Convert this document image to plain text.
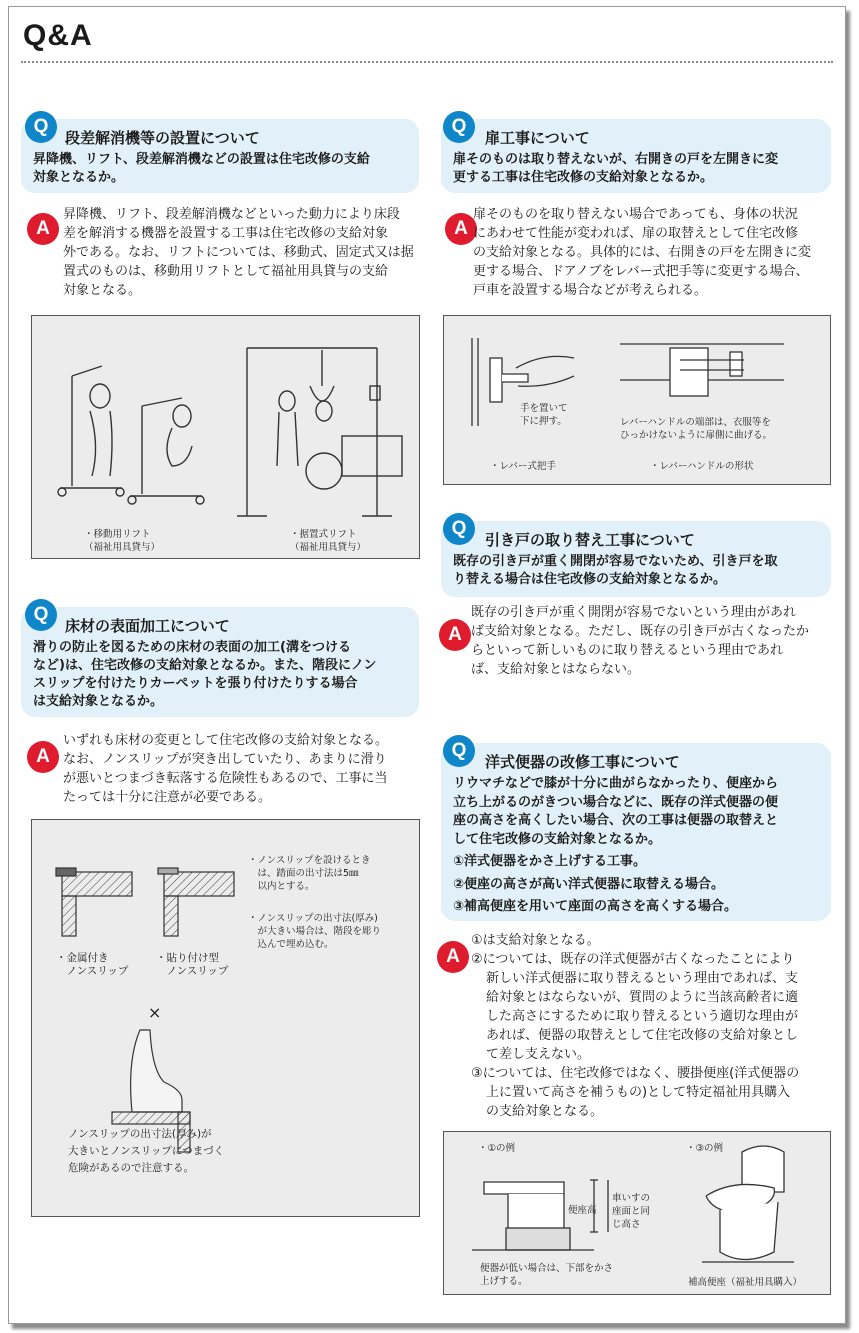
Q&A
段差解消機等の設置について

昇降機、リフト、段差解消機などの設置は住宅改修の支給

対象となるか。

Q
A

昇降機、リフト、段差解消機などといった動力により床段

差を解消する機器を設置する工事は住宅改修の支給対象

外である。なお、リフトについては、移動式、固定式又は据

置式のものは、移動用リフトとして福祉用具貸与の支給

対象となる。

・移動用リフト
（福祉用具貸与）
・据置式リフト
（福祉用具貸与）
床材の表面加工について

滑りの防止を図るための床材の表面の加工(溝をつける

など)は、住宅改修の支給対象となるか。また、階段にノン

スリップを付けたりカーペットを張り付けたりする場合

は支給対象となるか。

Q
A

いずれも床材の変更として住宅改修の支給対象となる。

なお、ノンスリップが突き出していたり、あまりに滑り

が悪いとつまづき転落する危険性もあるので、工事に当

たっては十分に注意が必要である。

・ノンスリップを設けるとき
　は、踏面の出寸法は5㎜
　以内とする。
・ノンスリップの出寸法(厚み)
　が大きい場合は、階段を彫り
　込んで埋め込む。
・金属付き
　ノンスリップ
・貼り付け型
　ノンスリップ
×
ノンスリップの出寸法(厚み)が
大きいとノンスリップにつまづく
危険があるので注意する。
扉工事について

扉そのものは取り替えないが、右開きの戸を左開きに変

更する工事は住宅改修の支給対象となるか。

Q
A

扉そのものを取り替えない場合であっても、身体の状況

にあわせて性能が変われば、扉の取替えとして住宅改修

の支給対象となる。具体的には、右開きの戸を左開きに変

更する場合、ドアノブをレバー式把手等に変更する場合、

戸車を設置する場合などが考えられる。

手を置いて
下に押す。	レバーハンドルの端部は、衣服等を
ひっかけないように扉側に曲げる。
・レバー式把手	・レバーハンドルの形状
引き戸の取り替え工事について

既存の引き戸が重く開閉が容易でないため、引き戸を取

り替える場合は住宅改修の支給対象となるか。

Q
A

既存の引き戸が重く開閉が容易でないという理由があれ

ば支給対象となる。ただし、既存の引き戸が古くなったか

らといって新しいものに取り替えるという理由であれ

ば、支給対象とはならない。

洋式便器の改修工事について

リウマチなどで膝が十分に曲がらなかったり、便座から

立ち上がるのがきつい場合などに、既存の洋式便器の便

座の高さを高くしたい場合、次の工事は便器の取替えと

して住宅改修の支給対象となるか。

①洋式便器をかさ上げする工事。

②便座の高さが高い洋式便器に取替える場合。

③補高便座を用いて座面の高さを高くする場合。

Q
A

①は支給対象となる。

②については、既存の洋式便器が古くなったことにより

新しい洋式便器に取り替えるという理由であれば、支

給対象とはならないが、質問のように当該高齢者に適

した高さにするために取り替えるという適切な理由が

あれば、便器の取替えとして住宅改修の支給対象とし

て差し支えない。

③については、住宅改修ではなく、腰掛便座(洋式便器の

上に置いて高さを補うもの)として特定福祉用具購入

の支給対象となる。

・①の例	・③の例
便座高
車いすの
座面と同
じ高さ
便器が低い場合は、下部をかさ
上げする。	補高便座（福祉用具購入）
